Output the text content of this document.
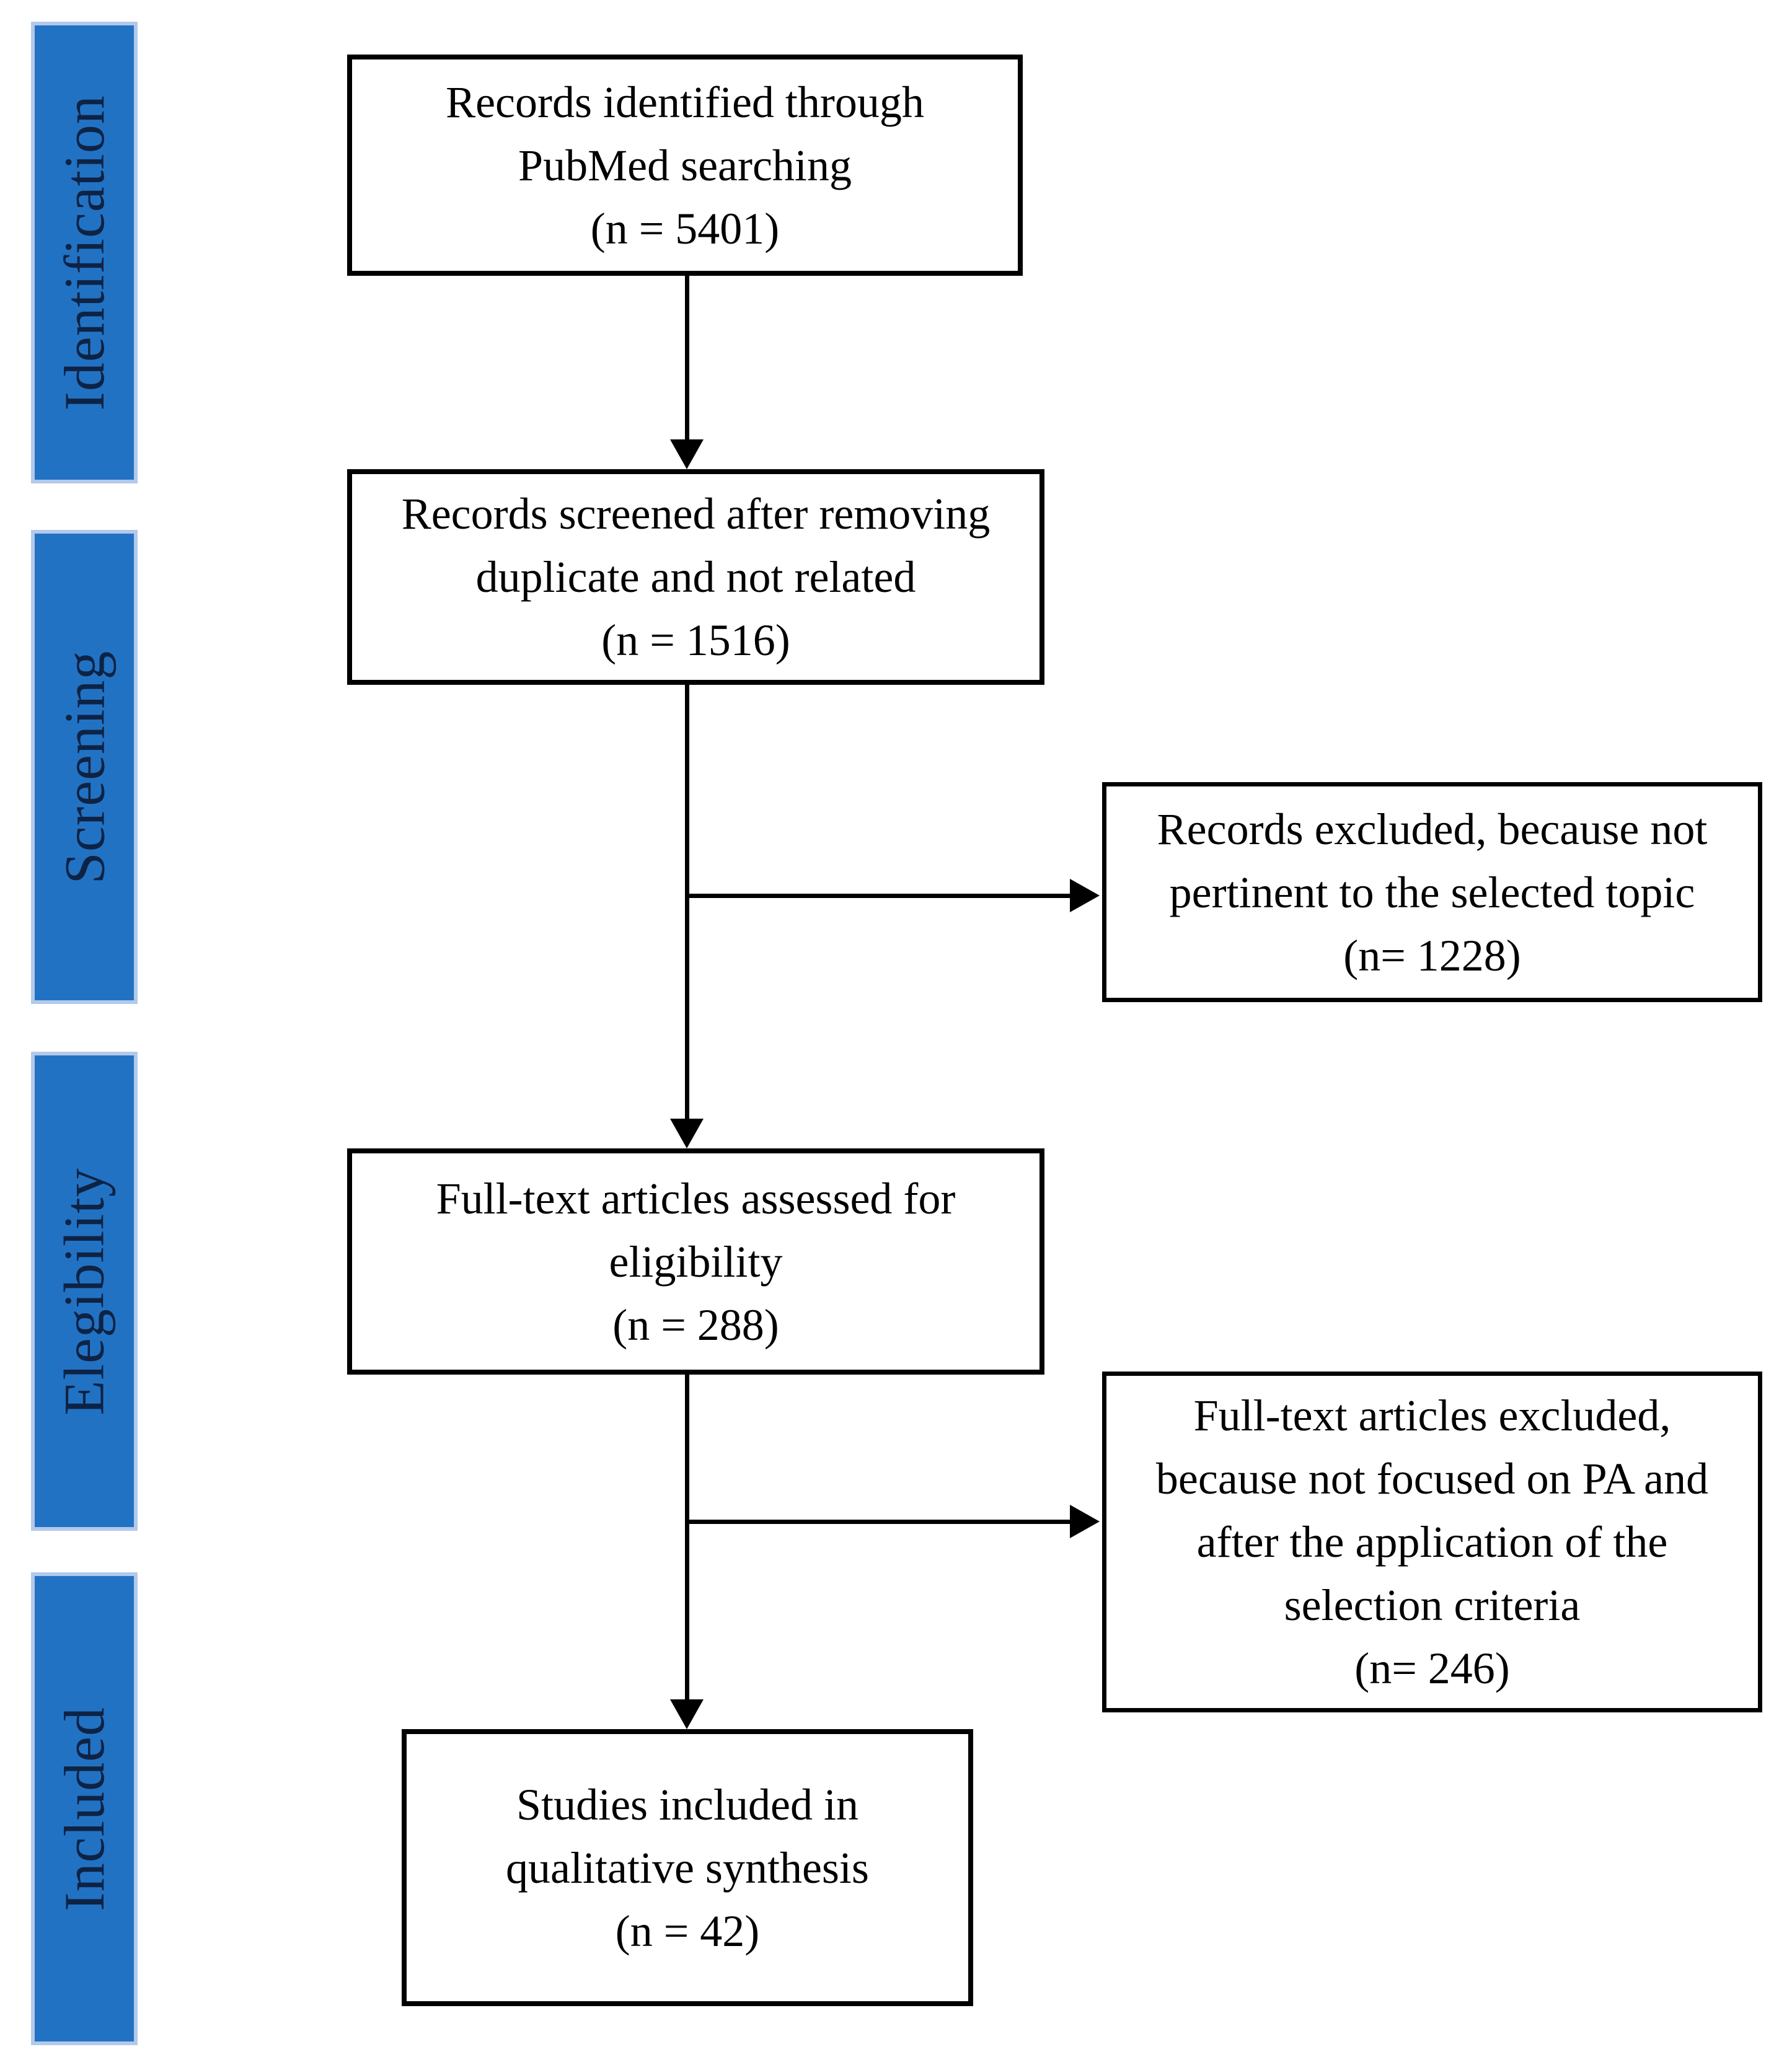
Identification
Screening
Elegibility
Included
Records identified through
PubMed searching
(n = 5401)
Records screened after removing
duplicate and not related
(n = 1516)
Full-text articles assessed for
eligibility
(n = 288)
Studies included in
qualitative synthesis
(n = 42)
Records excluded, because not
pertinent to the selected topic
(n= 1228)
Full-text articles excluded,
because not focused on PA and
after the application of the
selection criteria
(n= 246)
